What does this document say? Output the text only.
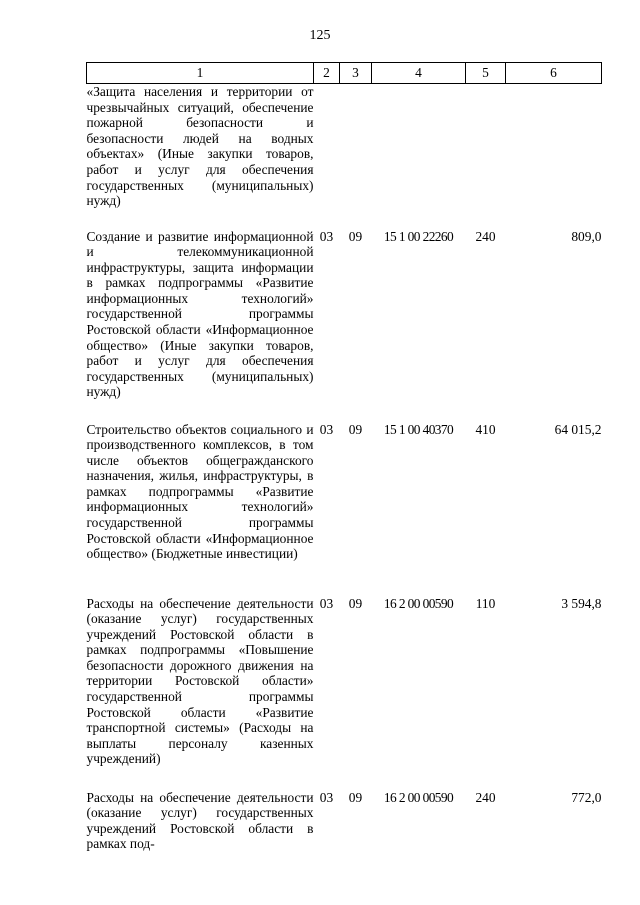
125
1	2	3	4	5	6
«Защита населения и территории от чрезвычайных ситуаций, обеспечение пожарной безопасности и безопасности людей на водных объектах» (Иные закупки товаров, работ и услуг для обеспечения государственных (муниципальных) нужд)					
Создание и развитие информационной и телекоммуникационной инфраструктуры, защита информации в рамках подпрограммы «Развитие информационных технологий» государственной программы Ростовской области «Информационное общество» (Иные закупки товаров, работ и услуг для обеспечения государственных (муниципальных) нужд)	03	09	15 1 00 22260	240	809,0
Строительство объектов социального и производственного комплексов, в том числе объектов общегражданского назначения, жилья, инфраструктуры, в рамках подпрограммы «Развитие информационных технологий» государственной программы Ростовской области «Информационное общество» (Бюджетные инвестиции)	03	09	15 1 00 40370	410	64 015,2
Расходы на обеспечение деятельности (оказание услуг) государственных учреждений Ростовской области в рамках подпрограммы «Повышение безопасности дорожного движения на территории Ростовской области» государственной программы Ростовской области «Развитие транспортной системы» (Расходы на выплаты персоналу казенных учреждений)	03	09	16 2 00 00590	110	3 594,8
Расходы на обеспечение деятельности (оказание услуг) государственных учреждений Ростовской области в рамках под-	03	09	16 2 00 00590	240	772,0
